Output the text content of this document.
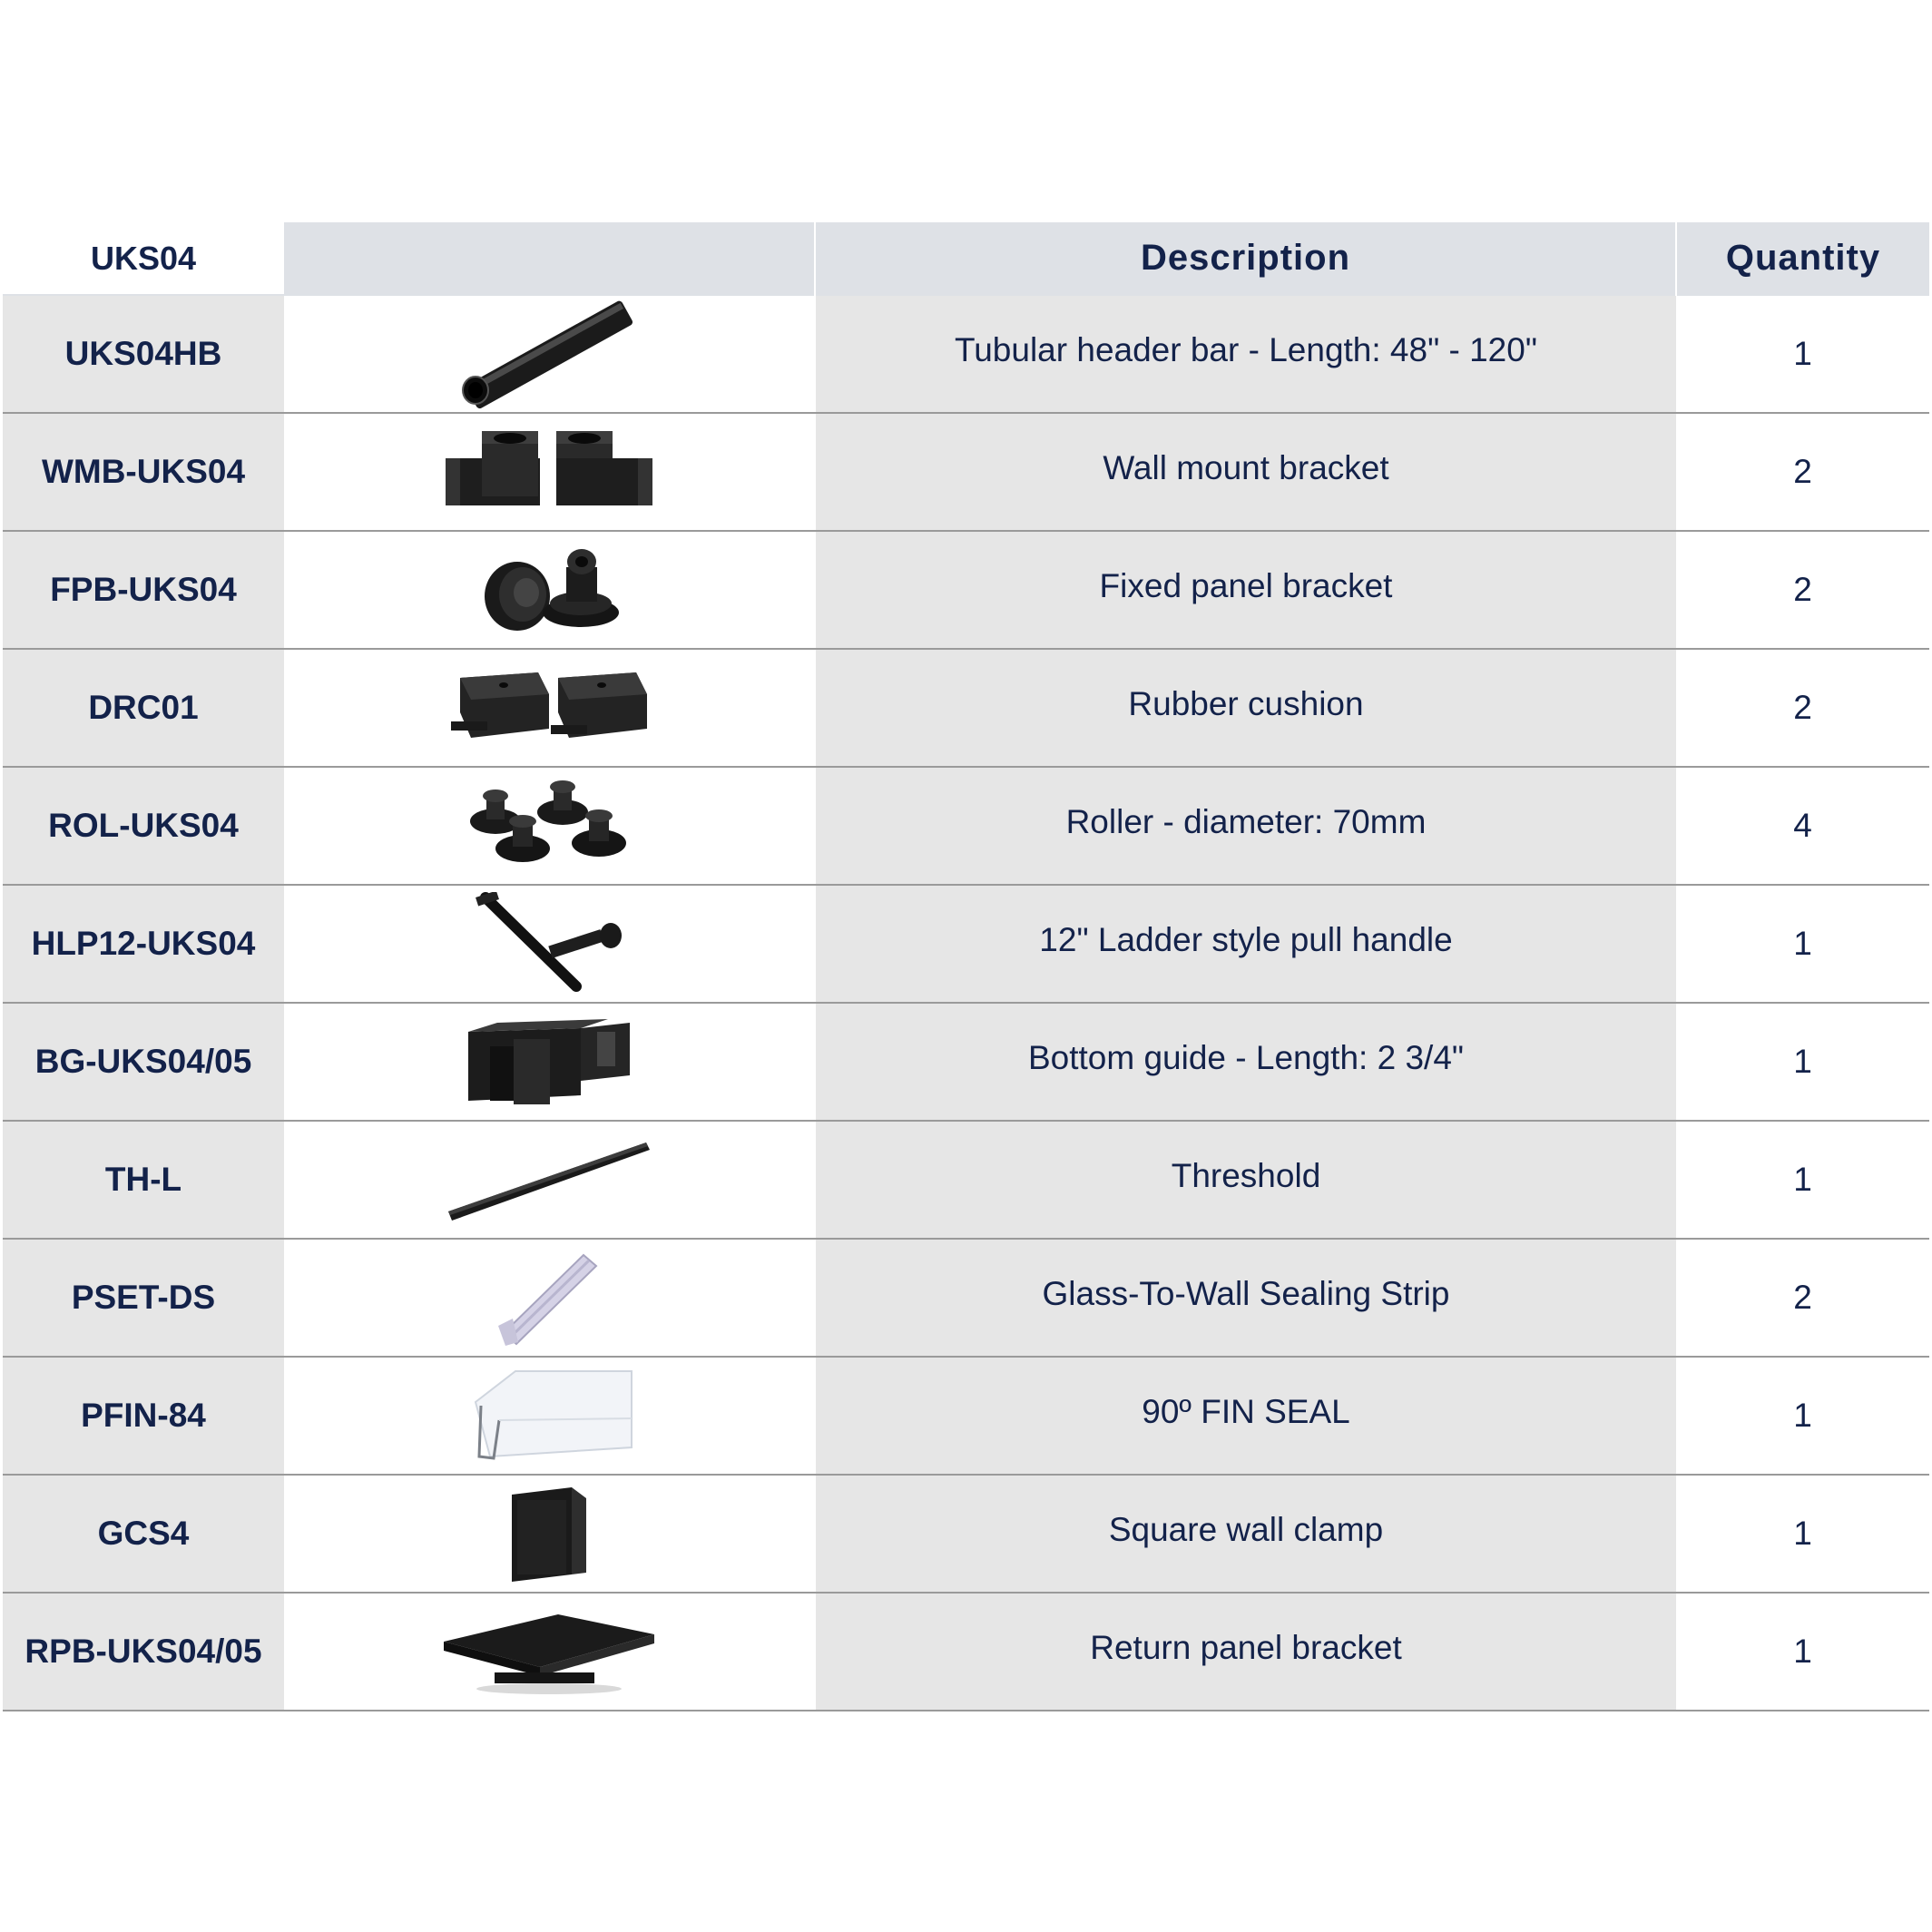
UKS04		Description	Quantity
UKS04HB		Tubular header bar - Length: 48" - 120"	1
WMB-UKS04		Wall mount bracket	2
FPB-UKS04		Fixed panel bracket	2
DRC01		Rubber cushion	2
ROL-UKS04		Roller - diameter: 70mm	4
HLP12-UKS04		12" Ladder style pull handle	1
BG-UKS04/05		Bottom guide - Length: 2 3/4"	1
TH-L		Threshold	1
PSET-DS		Glass-To-Wall Sealing Strip	2
PFIN-84		90º FIN SEAL	1
GCS4		Square wall clamp	1
RPB-UKS04/05		Return panel bracket	1
